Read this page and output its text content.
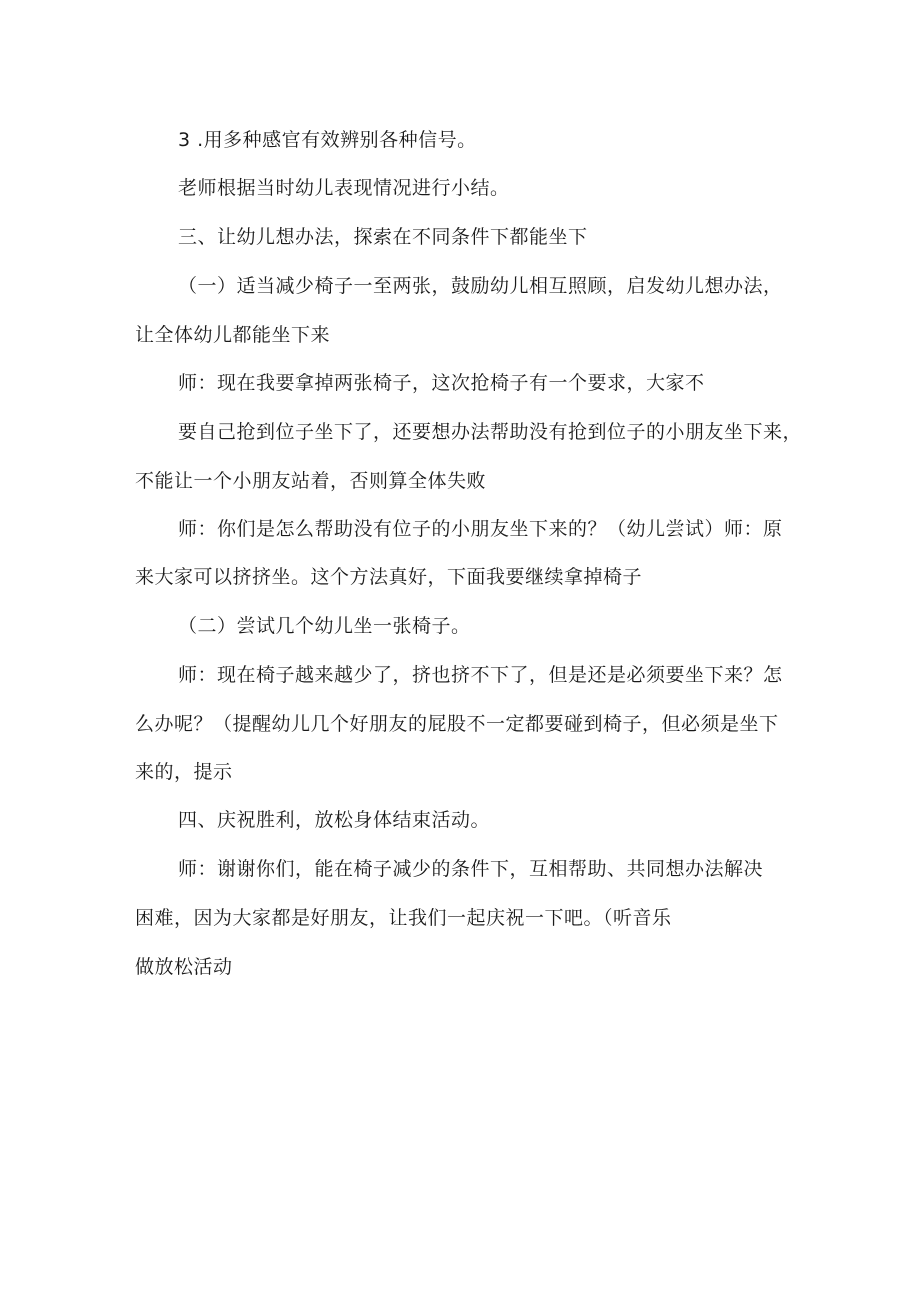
3 .用多种感官有效辨别各种信号。
老师根据当时幼儿表现情况进行小结。
三、让幼儿想办法，探索在不同条件下都能坐下
（一）适当减少椅子一至两张，鼓励幼儿相互照顾，启发幼儿想办法，
让全体幼儿都能坐下来
师：现在我要拿掉两张椅子，这次抢椅子有一个要求，大家不
要自己抢到位子坐下了，还要想办法帮助没有抢到位子的小朋友坐下来，
不能让一个小朋友站着，否则算全体失败
师：你们是怎么帮助没有位子的小朋友坐下来的？（幼儿尝试）师：原
来大家可以挤挤坐。这个方法真好，下面我要继续拿掉椅子
（二）尝试几个幼儿坐一张椅子。
师：现在椅子越来越少了，挤也挤不下了，但是还是必须要坐下来？怎
么办呢？（提醒幼儿几个好朋友的屁股不一定都要碰到椅子，但必须是坐下
来的，提示
四、庆祝胜利，放松身体结束活动。
师：谢谢你们，能在椅子减少的条件下，互相帮助、共同想办法解决
困难，因为大家都是好朋友，让我们一起庆祝一下吧。（听音乐
做放松活动
